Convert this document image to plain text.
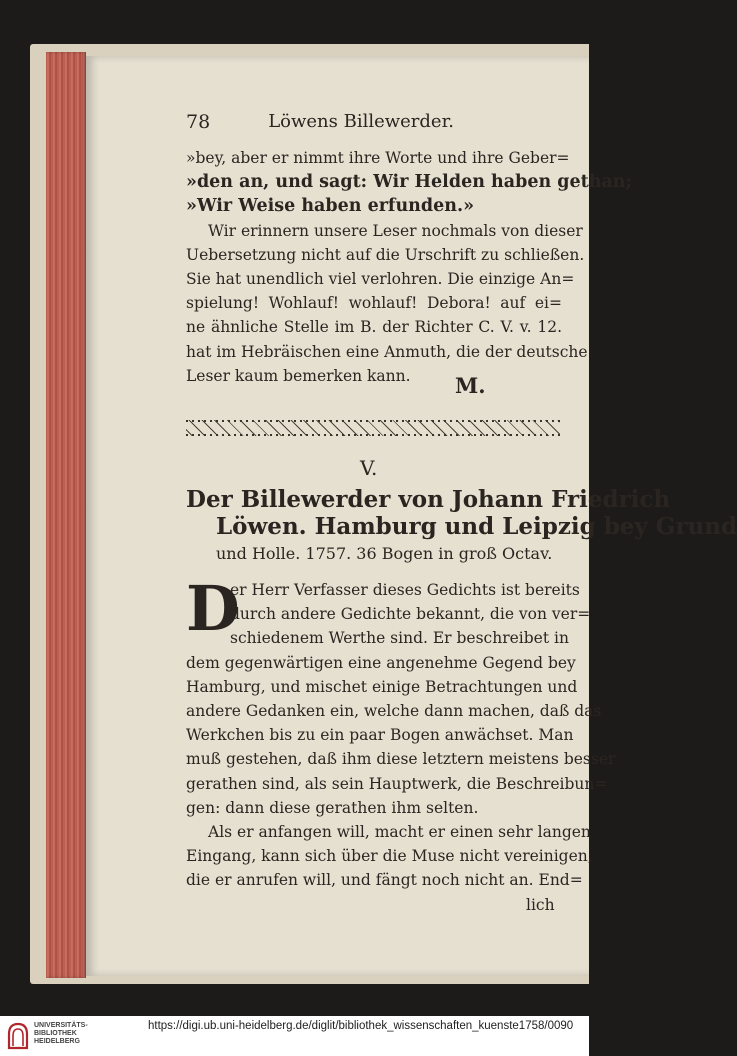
78	Löwens Billewerder.
»bey, aber er nimmt ihre Worte und ihre Geber=
»den an, und sagt: Wir Helden haben gethan;
»Wir Weise haben erfunden.»
Wir erinnern unsere Leser nochmals von dieser
Uebersetzung nicht auf die Urschrift zu schließen.
Sie hat unendlich viel verlohren. Die einzige An=
spielung! Wohlauf! wohlauf! Debora! auf ei=
ne ähnliche Stelle im B. der Richter C. V. v. 12.
hat im Hebräischen eine Anmuth, die der deutsche
Leser kaum bemerken kann.	M.
V.
Der Billewerder von Johann Friedrich
Löwen. Hamburg und Leipzig bey Grund
und Holle. 1757. 36 Bogen in groß Octav.
D
er Herr Verfasser dieses Gedichts ist bereits
durch andere Gedichte bekannt, die von ver=
schiedenem Werthe sind. Er beschreibet in
dem gegenwärtigen eine angenehme Gegend bey
Hamburg, und mischet einige Betrachtungen und
andere Gedanken ein, welche dann machen, daß das
Werkchen bis zu ein paar Bogen anwächset. Man
muß gestehen, daß ihm diese letztern meistens besser
gerathen sind, als sein Hauptwerk, die Beschreibun=
gen: dann diese gerathen ihm selten.
Als er anfangen will, macht er einen sehr langen
Eingang, kann sich über die Muse nicht vereinigen,
die er anrufen will, und fängt noch nicht an. End=
lich
UNIVERSITÄTS-
BIBLIOTHEK
HEIDELBERG
https://digi.ub.uni-heidelberg.de/diglit/bibliothek_wissenschaften_kuenste1758/0090
